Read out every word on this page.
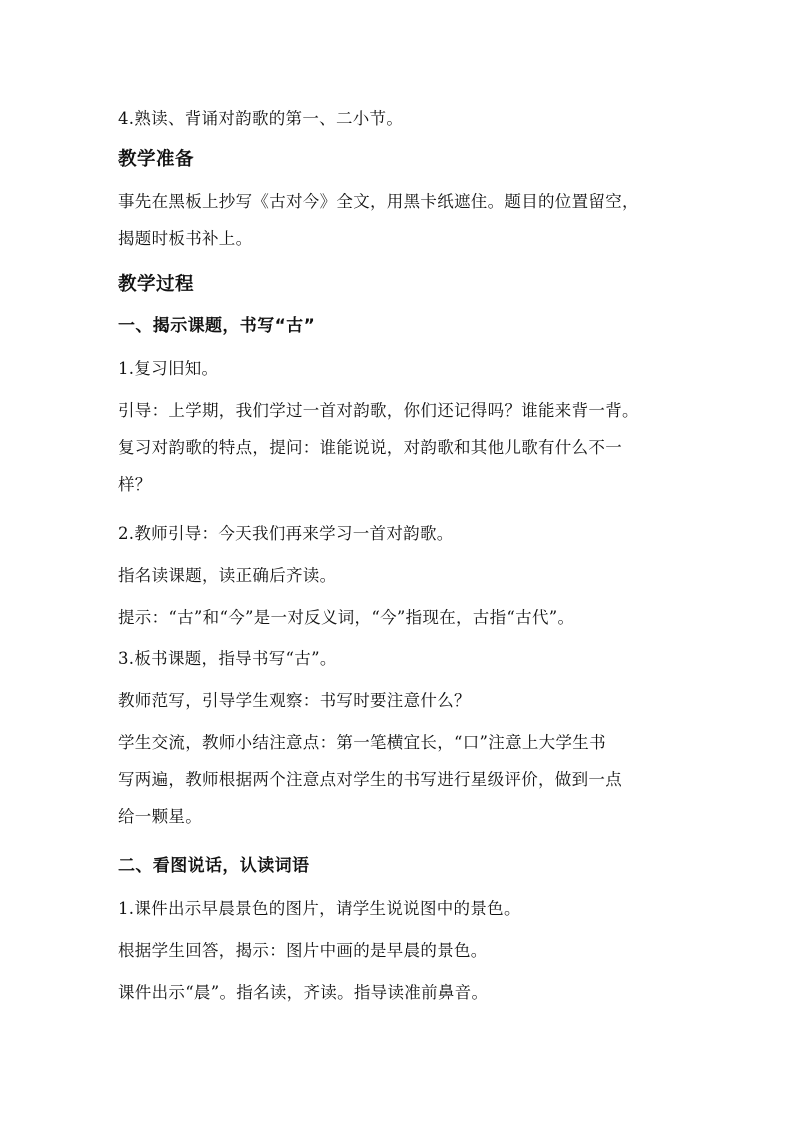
4.熟读、背诵对韵歌的第一、二小节。
教学准备
事先在黑板上抄写《古对今》全文，用黑卡纸遮住。题目的位置留空，
揭题时板书补上。
教学过程
一、揭示课题，书写“古”
1.复习旧知。
引导：上学期，我们学过一首对韵歌，你们还记得吗？谁能来背一背。
复习对韵歌的特点，提问：谁能说说，对韵歌和其他儿歌有什么不一
样？
2.教师引导：今天我们再来学习一首对韵歌。
指名读课题，读正确后齐读。
提示：“古”和“今”是一对反义词，“今”指现在，古指“古代”。
3.板书课题，指导书写“古”。
教师范写，引导学生观察：书写时要注意什么？
学生交流，教师小结注意点：第一笔横宜长，“口”注意上大学生书
写两遍，教师根据两个注意点对学生的书写进行星级评价，做到一点
给一颗星。
二、看图说话，认读词语
1.课件出示早晨景色的图片，请学生说说图中的景色。
根据学生回答，揭示：图片中画的是早晨的景色。
课件出示“晨”。指名读，齐读。指导读准前鼻音。
